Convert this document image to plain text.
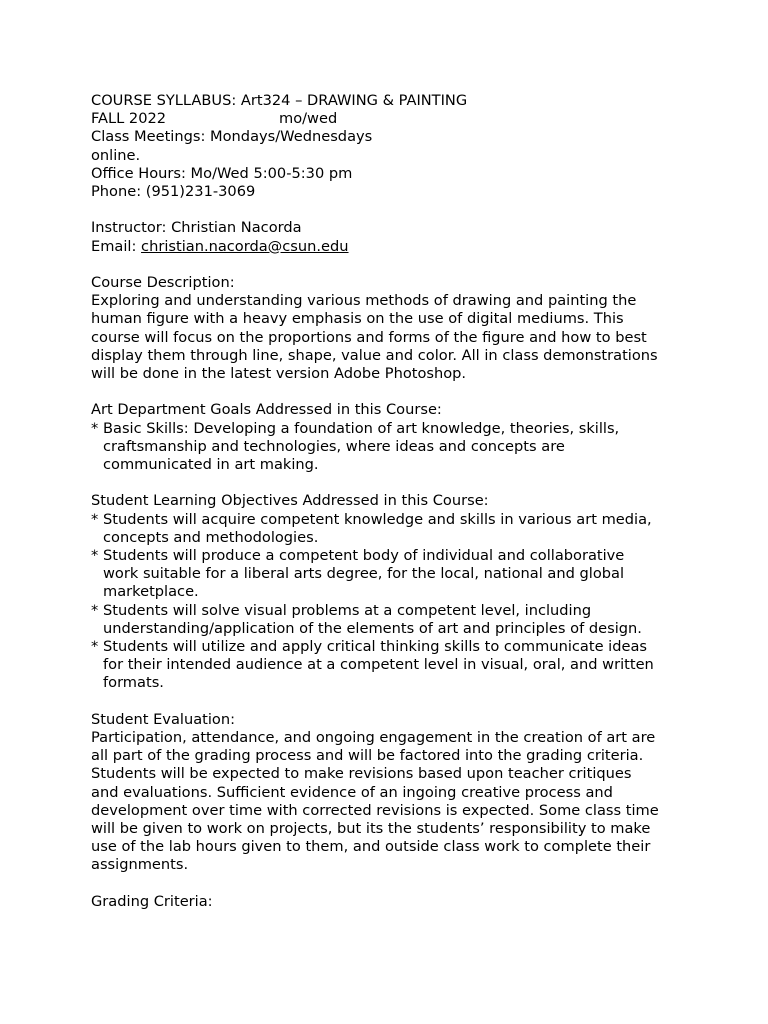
COURSE SYLLABUS: Art324 – DRAWING & PAINTING
FALL 2022	mo/wed
Class Meetings: Mondays/Wednesdays
online.
Office Hours: Mo/Wed 5:00-5:30 pm
Phone: (951)231-3069
Instructor: Christian Nacorda
Email: christian.nacorda@csun.edu
Course Description:
Exploring and understanding various methods of drawing and painting the
human figure with a heavy emphasis on the use of digital mediums. This
course will focus on the proportions and forms of the figure and how to best
display them through line, shape, value and color. All in class demonstrations
will be done in the latest version Adobe Photoshop.
Art Department Goals Addressed in this Course:
* Basic Skills: Developing a foundation of art knowledge, theories, skills,
craftsmanship and technologies, where ideas and concepts are
communicated in art making.
Student Learning Objectives Addressed in this Course:
* Students will acquire competent knowledge and skills in various art media,
concepts and methodologies.
* Students will produce a competent body of individual and collaborative
work suitable for a liberal arts degree, for the local, national and global
marketplace.
* Students will solve visual problems at a competent level, including
understanding/application of the elements of art and principles of design.
* Students will utilize and apply critical thinking skills to communicate ideas
for their intended audience at a competent level in visual, oral, and written
formats.
Student Evaluation:
Participation, attendance, and ongoing engagement in the creation of art are
all part of the grading process and will be factored into the grading criteria.
Students will be expected to make revisions based upon teacher critiques
and evaluations. Sufficient evidence of an ingoing creative process and
development over time with corrected revisions is expected. Some class time
will be given to work on projects, but its the students’ responsibility to make
use of the lab hours given to them, and outside class work to complete their
assignments.
Grading Criteria:
